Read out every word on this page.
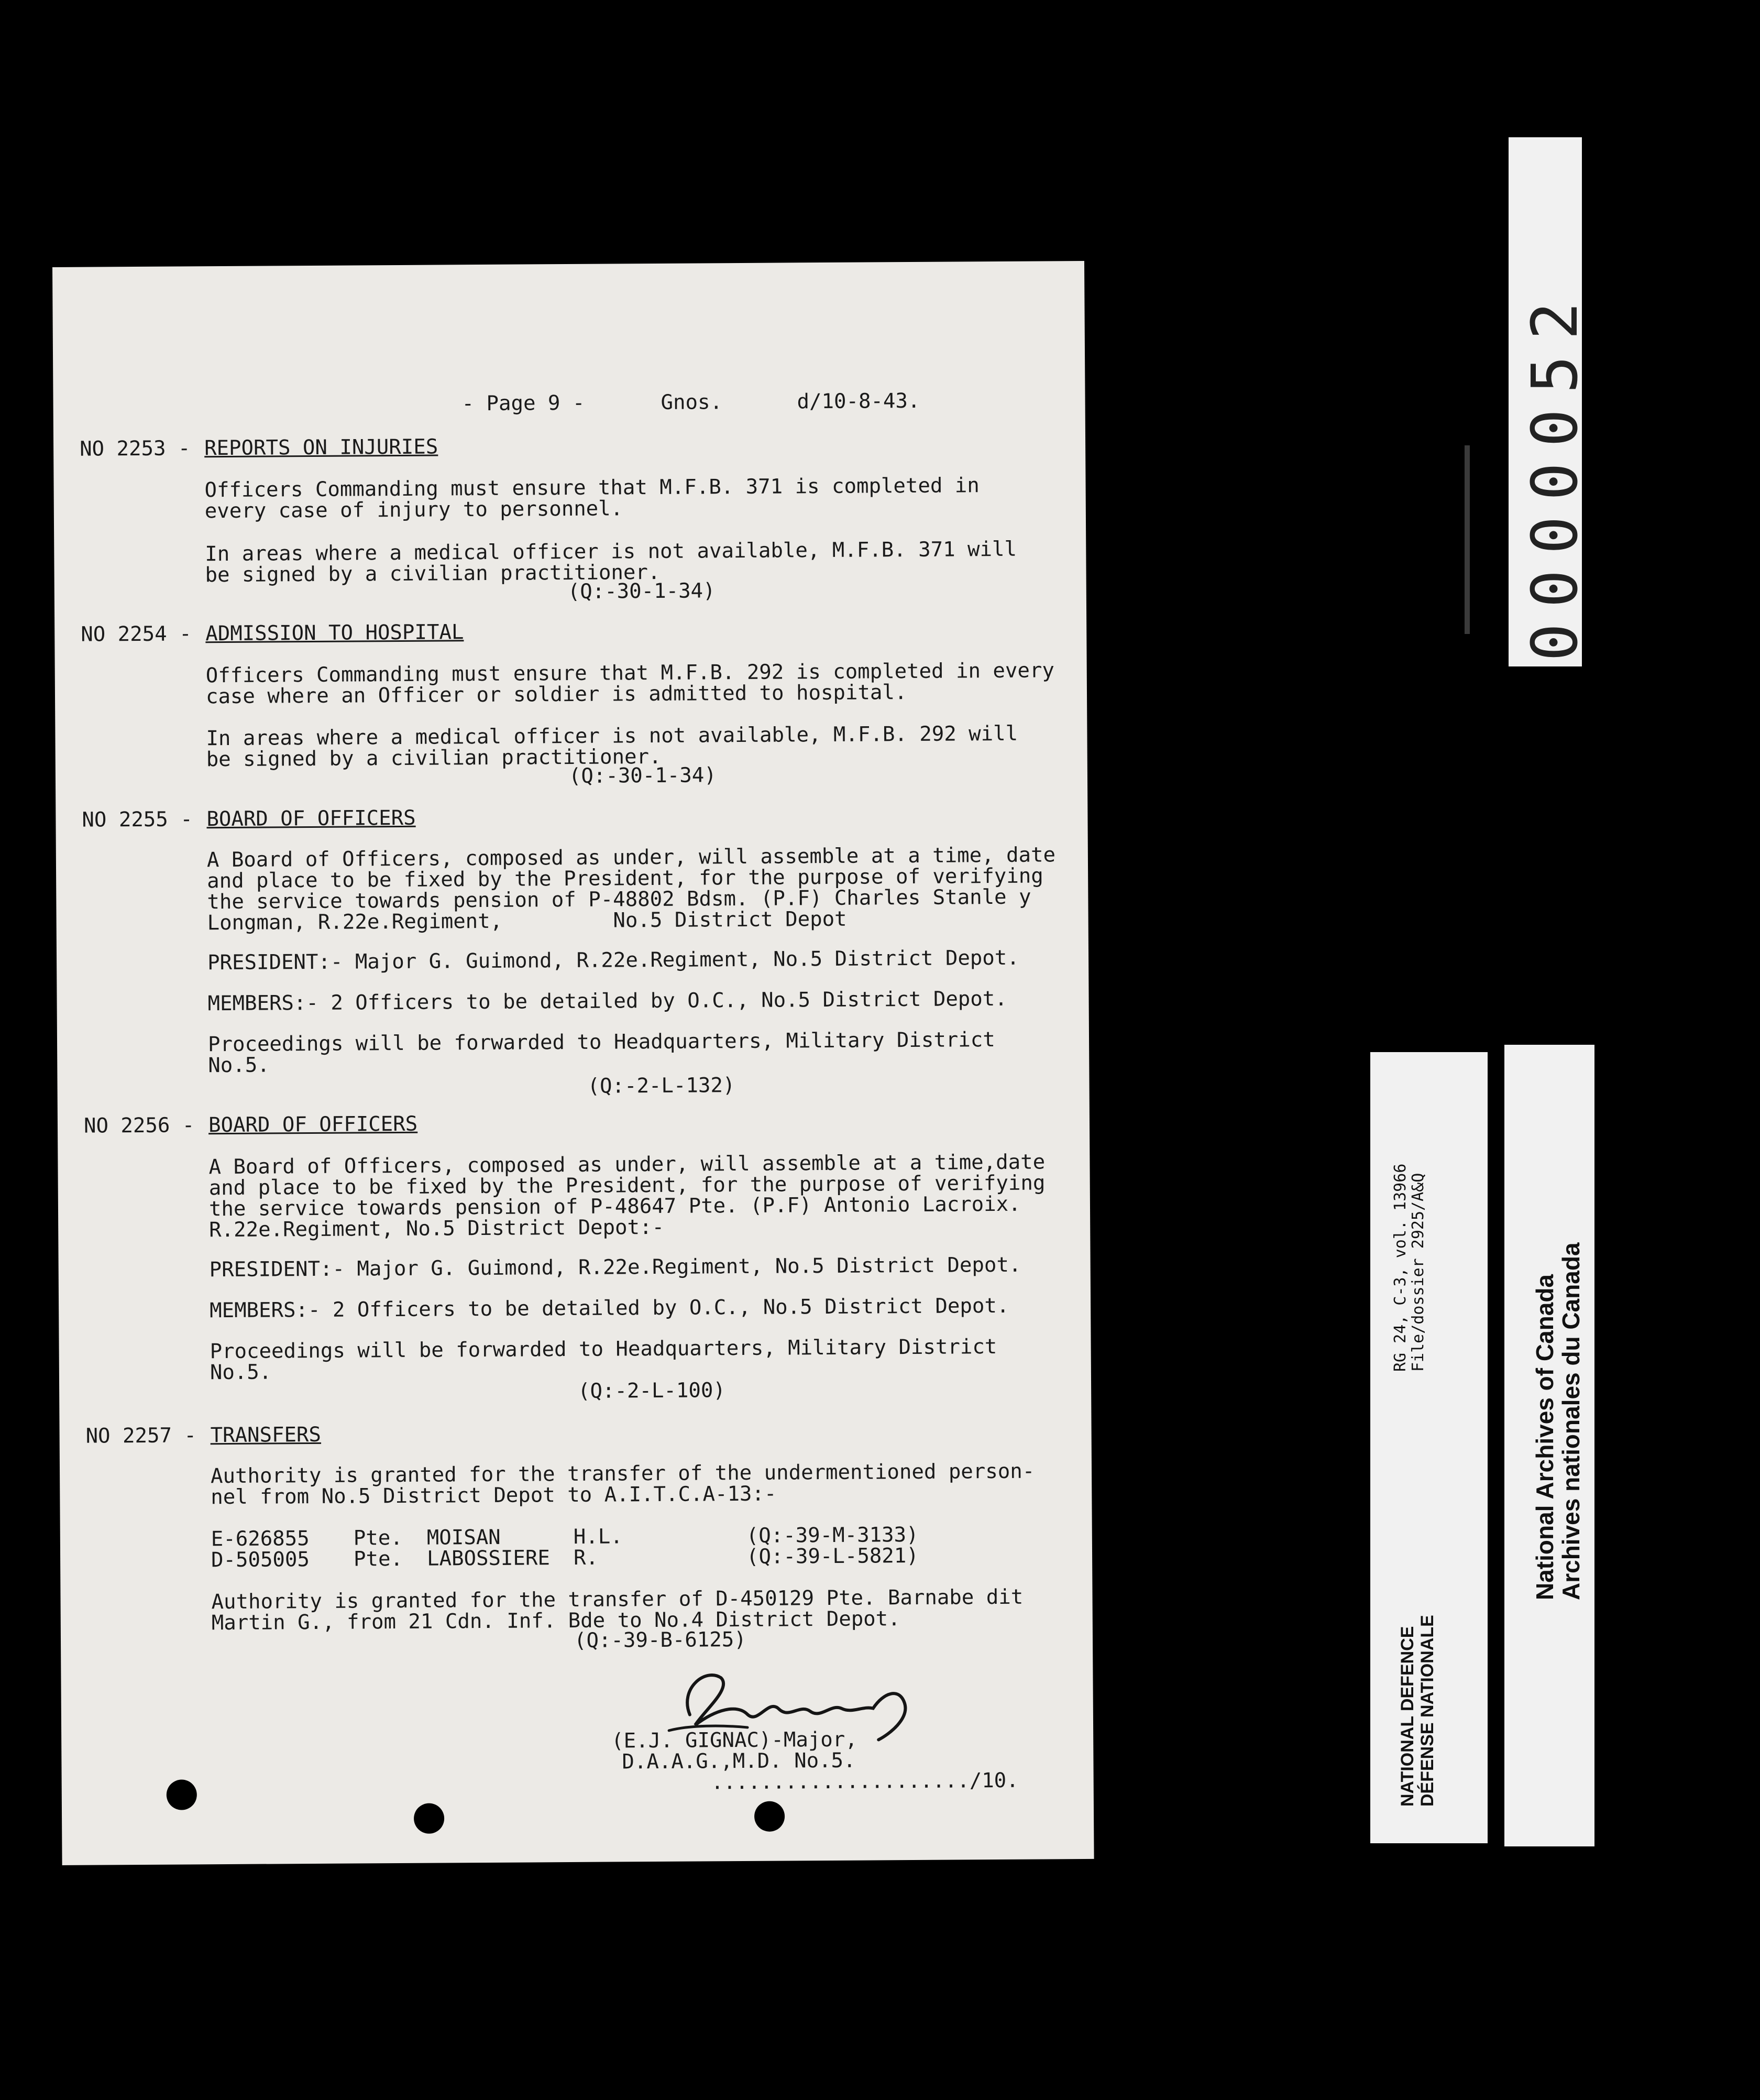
- Page 9 -	Gnos.	d/10-8-43.
NO 2253 - REPORTS ON INJURIES
Officers Commanding must ensure that M.F.B. 371 is completed in
every case of injury to personnel.
In areas where a medical officer is not available, M.F.B. 371 will
be signed by a civilian practitioner.
(Q:-30-1-34)
NO 2254 - ADMISSION TO HOSPITAL
Officers Commanding must ensure that M.F.B. 292 is completed in every
case where an Officer or soldier is admitted to hospital.
In areas where a medical officer is not available, M.F.B. 292 will
be signed by a civilian practitioner.
(Q:-30-1-34)
NO 2255 - BOARD OF OFFICERS
A Board of Officers, composed as under, will assemble at a time, date
and place to be fixed by the President, for the purpose of verifying
the service towards pension of P-48802 Bdsm. (P.F) Charles Stanle y
Longman, R.22e.Regiment,         No.5 District Depot
PRESIDENT:- Major G. Guimond, R.22e.Regiment, No.5 District Depot.
MEMBERS:- 2 Officers to be detailed by O.C., No.5 District Depot.
Proceedings will be forwarded to Headquarters, Military District
No.5.
(Q:-2-L-132)
NO 2256 - BOARD OF OFFICERS
A Board of Officers, composed as under, will assemble at a time,date
and place to be fixed by the President, for the purpose of verifying
the service towards pension of P-48647 Pte. (P.F) Antonio Lacroix.
R.22e.Regiment, No.5 District Depot:-
PRESIDENT:- Major G. Guimond, R.22e.Regiment, No.5 District Depot.
MEMBERS:- 2 Officers to be detailed by O.C., No.5 District Depot.
Proceedings will be forwarded to Headquarters, Military District
No.5.
(Q:-2-L-100)
NO 2257 - TRANSFERS
Authority is granted for the transfer of the undermentioned person-
nel from No.5 District Depot to A.I.T.C.A-13:-
E-626855 Pte. MOISAN	H.L.	(Q:-39-M-3133)
D-505005 Pte. LABOSSIERE R.	(Q:-39-L-5821)
Authority is granted for the transfer of D-450129 Pte. Barnabe dit
Martin G., from 21 Cdn. Inf. Bde to No.4 District Depot.
(Q:-39-B-6125)
(E.J. GIGNAC)-Major,
D.A.A.G.,M.D. No.5.
...................../10.
0000052
RG 24, C-3, vol. 13966 File/dossier 2925/A&Q
NATIONAL DEFENCE DÉFENSE NATIONALE
National Archives of Canada
Archives nationales du Canada
